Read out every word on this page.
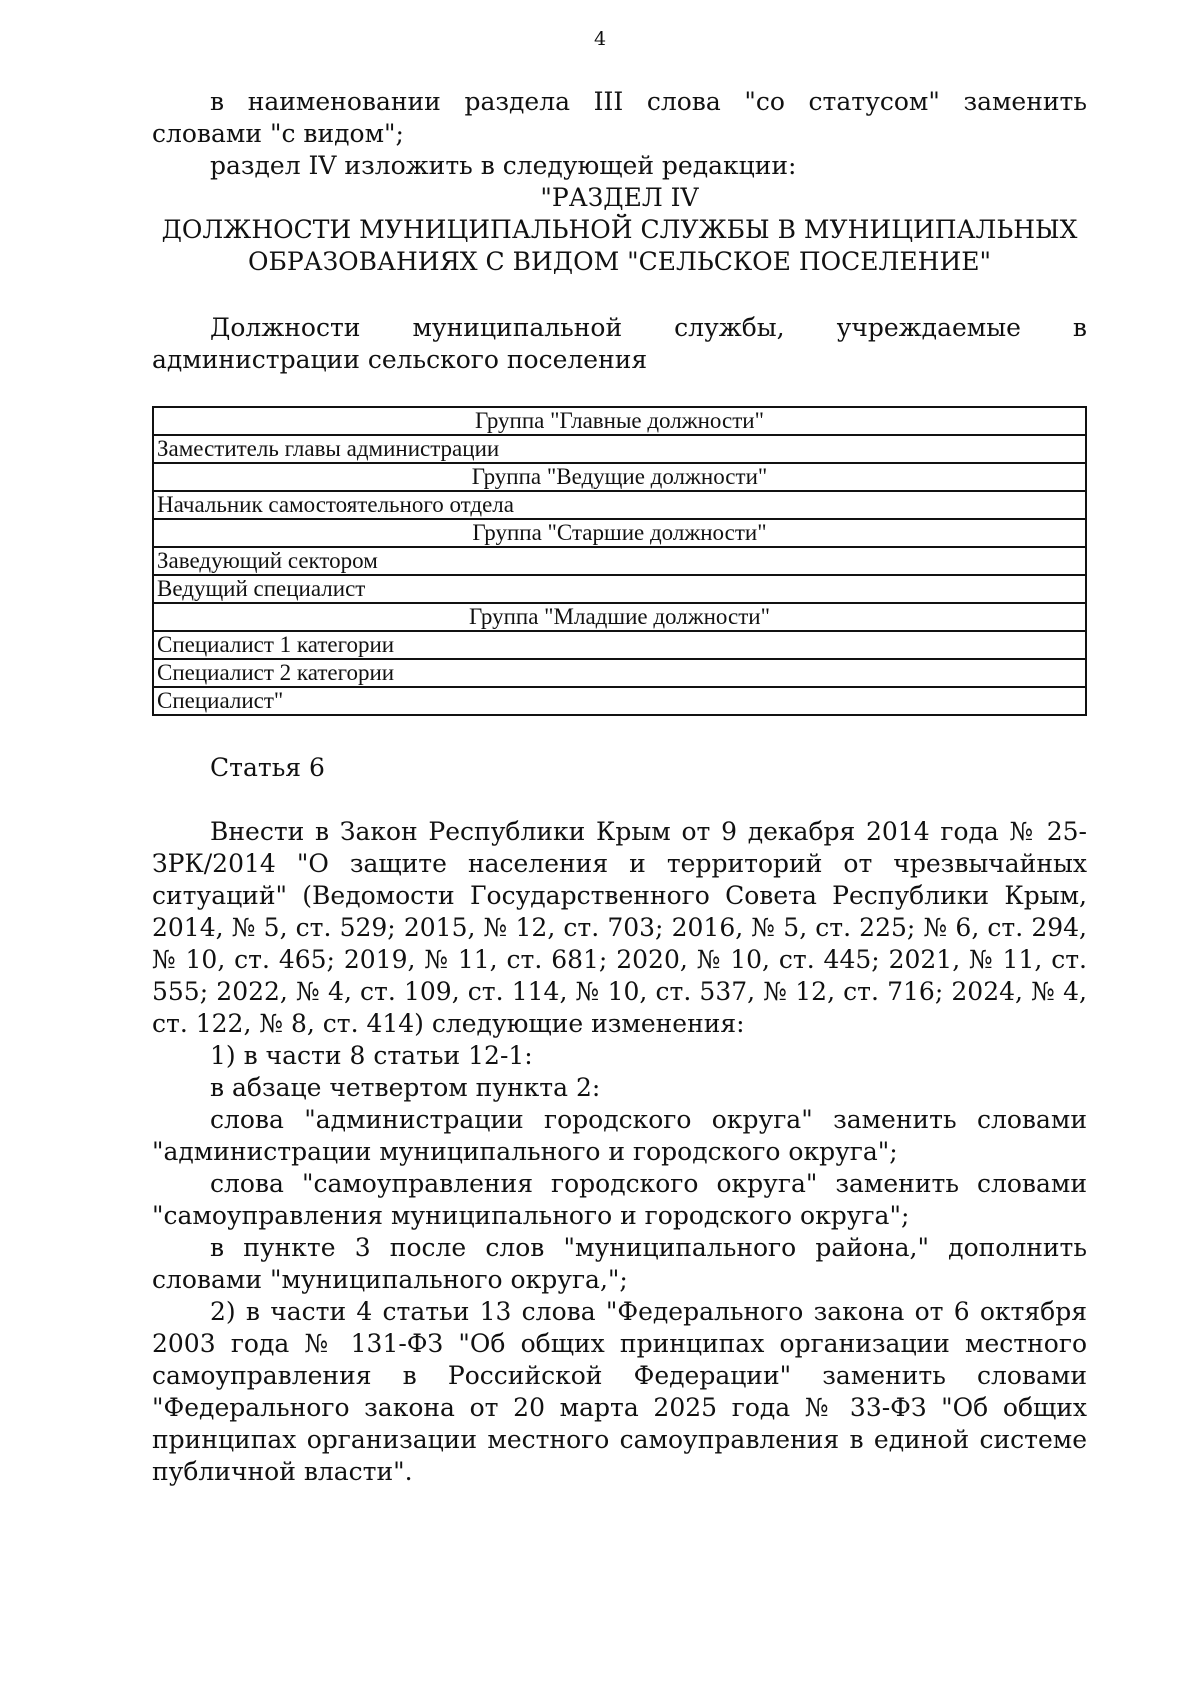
4

в наименовании раздела III слова "со статусом" заменить словами "с видом";

раздел IV изложить в следующей редакции:

"РАЗДЕЛ IV
ДОЛЖНОСТИ МУНИЦИПАЛЬНОЙ СЛУЖБЫ В МУНИЦИПАЛЬНЫХ
ОБРАЗОВАНИЯХ С ВИДОМ "СЕЛЬСКОЕ ПОСЕЛЕНИЕ"

Должности муниципальной службы, учреждаемые в администрации сельского поселения

Группа "Главные должности"
Заместитель главы администрации
Группа "Ведущие должности"
Начальник самостоятельного отдела
Группа "Старшие должности"
Заведующий сектором
Ведущий специалист
Группа "Младшие должности"
Специалист 1 категории
Специалист 2 категории
Специалист"

Статья 6

Внести в Закон Республики Крым от 9 декабря 2014 года № 25-ЗРК/2014 "О защите населения и территорий от чрезвычайных ситуаций" (Ведомости Государственного Совета Республики Крым, 2014, № 5, ст. 529; 2015, № 12, ст. 703; 2016, № 5, ст. 225; № 6, ст. 294, № 10, ст. 465; 2019, № 11, ст. 681; 2020, № 10, ст. 445; 2021, № 11, ст. 555; 2022, № 4, ст. 109, ст. 114, № 10, ст. 537, № 12, ст. 716; 2024, № 4, ст. 122, № 8, ст. 414) следующие изменения:

1) в части 8 статьи 12-1:

в абзаце четвертом пункта 2:

слова "администрации городского округа" заменить словами "администрации муниципального и городского округа";

слова "самоуправления городского округа" заменить словами "самоуправления муниципального и городского округа";

в пункте 3 после слов "муниципального района," дополнить словами "муниципального округа,";

2) в части 4 статьи 13 слова "Федерального закона от 6 октября 2003 года № 131-ФЗ "Об общих принципах организации местного самоуправления в Российской Федерации" заменить словами "Федерального закона от 20 марта 2025 года № 33-ФЗ "Об общих принципах организации местного самоуправления в единой системе публичной власти".
